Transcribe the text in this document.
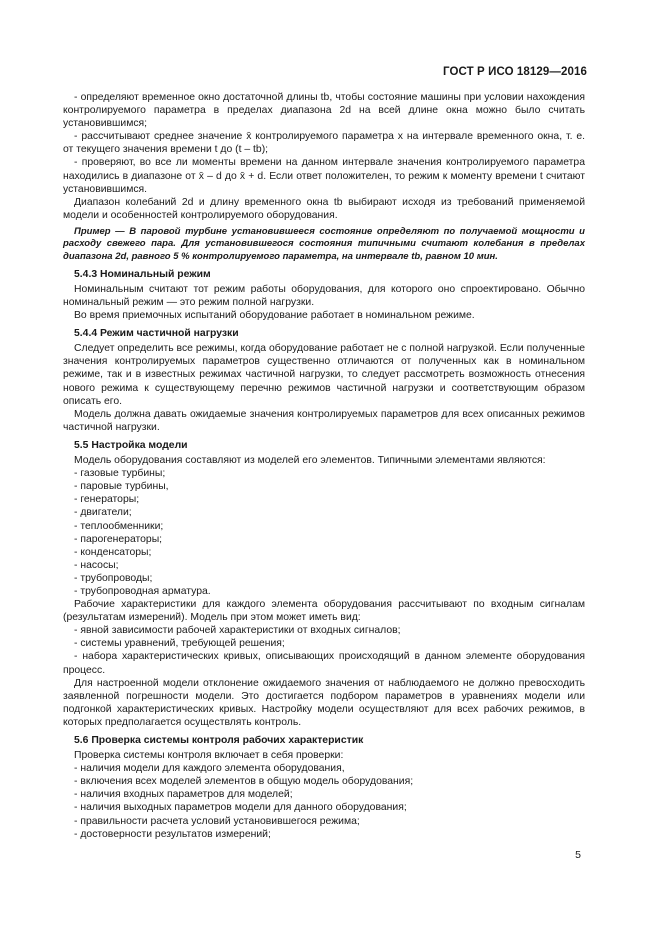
ГОСТ Р ИСО 18129—2016

- определяют временное окно достаточной длины tb, чтобы состояние машины при условии нахождения контролируемого параметра в пределах диапазона 2d на всей длине окна можно было считать установившимся;

- рассчитывают среднее значение x̄ контролируемого параметра x на интервале временного окна, т. е. от текущего значения времени t до (t – tb);

- проверяют, во все ли моменты времени на данном интервале значения контролируемого параметра находились в диапазоне от x̄ – d до x̄ + d. Если ответ положителен, то режим к моменту времени t считают установившимся.

Диапазон колебаний 2d и длину временного окна tb выбирают исходя из требований применяемой модели и особенностей контролируемого оборудования.

Пример — В паровой турбине установившееся состояние определяют по получаемой мощности и расходу свежего пара. Для установившегося состояния типичными считают колебания в пределах диапазона 2d, равного 5 % контролируемого параметра, на интервале tb, равном 10 мин.

5.4.3 Номинальный режим

Номинальным считают тот режим работы оборудования, для которого оно спроектировано. Обычно номинальный режим — это режим полной нагрузки.

Во время приемочных испытаний оборудование работает в номинальном режиме.

5.4.4 Режим частичной нагрузки

Следует определить все режимы, когда оборудование работает не с полной нагрузкой. Если полученные значения контролируемых параметров существенно отличаются от полученных как в номинальном режиме, так и в известных режимах частичной нагрузки, то следует рассмотреть возможность отнесения нового режима к существующему перечню режимов частичной нагрузки и соответствующим образом описать его.

Модель должна давать ожидаемые значения контролируемых параметров для всех описанных режимов частичной нагрузки.

5.5 Настройка модели

Модель оборудования составляют из моделей его элементов. Типичными элементами являются:

- газовые турбины;

- паровые турбины,

- генераторы;

- двигатели;

- теплообменники;

- парогенераторы;

- конденсаторы;

- насосы;

- трубопроводы;

- трубопроводная арматура.

Рабочие характеристики для каждого элемента оборудования рассчитывают по входным сигналам (результатам измерений). Модель при этом может иметь вид:

- явной зависимости рабочей характеристики от входных сигналов;

- системы уравнений, требующей решения;

- набора характеристических кривых, описывающих происходящий в данном элементе оборудования процесс.

Для настроенной модели отклонение ожидаемого значения от наблюдаемого не должно превосходить заявленной погрешности модели. Это достигается подбором параметров в уравнениях модели или подгонкой характеристических кривых. Настройку модели осуществляют для всех рабочих режимов, в которых предполагается осуществлять контроль.

5.6 Проверка системы контроля рабочих характеристик

Проверка системы контроля включает в себя проверки:

- наличия модели для каждого элемента оборудования,

- включения всех моделей элементов в общую модель оборудования;

- наличия входных параметров для моделей;

- наличия выходных параметров модели для данного оборудования;

- правильности расчета условий установившегося режима;

- достоверности результатов измерений;

5
